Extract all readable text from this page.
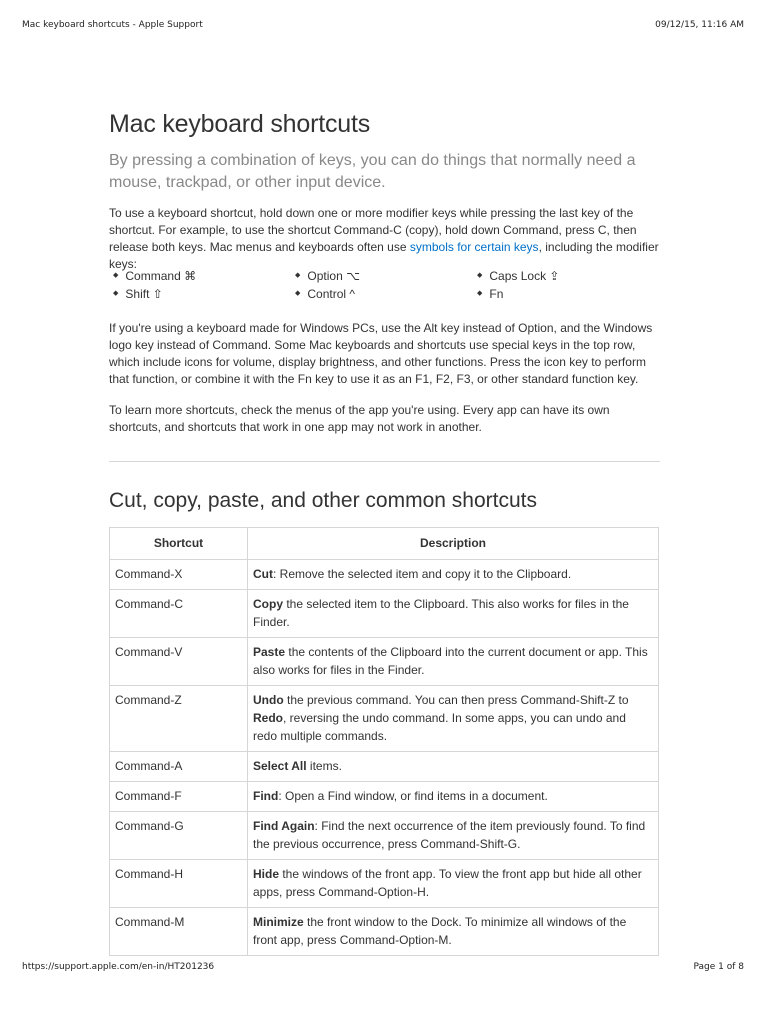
Mac keyboard shortcuts - Apple Support	09/12/15, 11:16 AM
Mac keyboard shortcuts

By pressing a combination of keys, you can do things that normally need a mouse, trackpad, or other input device.

To use a keyboard shortcut, hold down one or more modifier keys while pressing the last key of the shortcut. For example, to use the shortcut Command-C (copy), hold down Command, press C, then release both keys. Mac menus and keyboards often use symbols for certain keys, including the modifier keys:

◆ Command ⌘	◆ Option ⌥	◆ Caps Lock ⇪
◆ Shift ⇧	◆ Control ^	◆ Fn

If you're using a keyboard made for Windows PCs, use the Alt key instead of Option, and the Windows logo key instead of Command. Some Mac keyboards and shortcuts use special keys in the top row, which include icons for volume, display brightness, and other functions. Press the icon key to perform that function, or combine it with the Fn key to use it as an F1, F2, F3, or other standard function key.

To learn more shortcuts, check the menus of the app you're using. Every app can have its own shortcuts, and shortcuts that work in one app may not work in another.

Cut, copy, paste, and other common shortcuts
Shortcut	Description
Command-X	Cut: Remove the selected item and copy it to the Clipboard.
Command-C	Copy the selected item to the Clipboard. This also works for files in the Finder.
Command-V	Paste the contents of the Clipboard into the current document or app. This also works for files in the Finder.
Command-Z	Undo the previous command. You can then press Command-Shift-Z to Redo, reversing the undo command. In some apps, you can undo and redo multiple commands.
Command-A	Select All items.
Command-F	Find: Open a Find window, or find items in a document.
Command-G	Find Again: Find the next occurrence of the item previously found. To find the previous occurrence, press Command-Shift-G.
Command-H	Hide the windows of the front app. To view the front app but hide all other apps, press Command-Option-H.
Command-M	Minimize the front window to the Dock. To minimize all windows of the front app, press Command-Option-M.
https://support.apple.com/en-in/HT201236	Page 1 of 8
